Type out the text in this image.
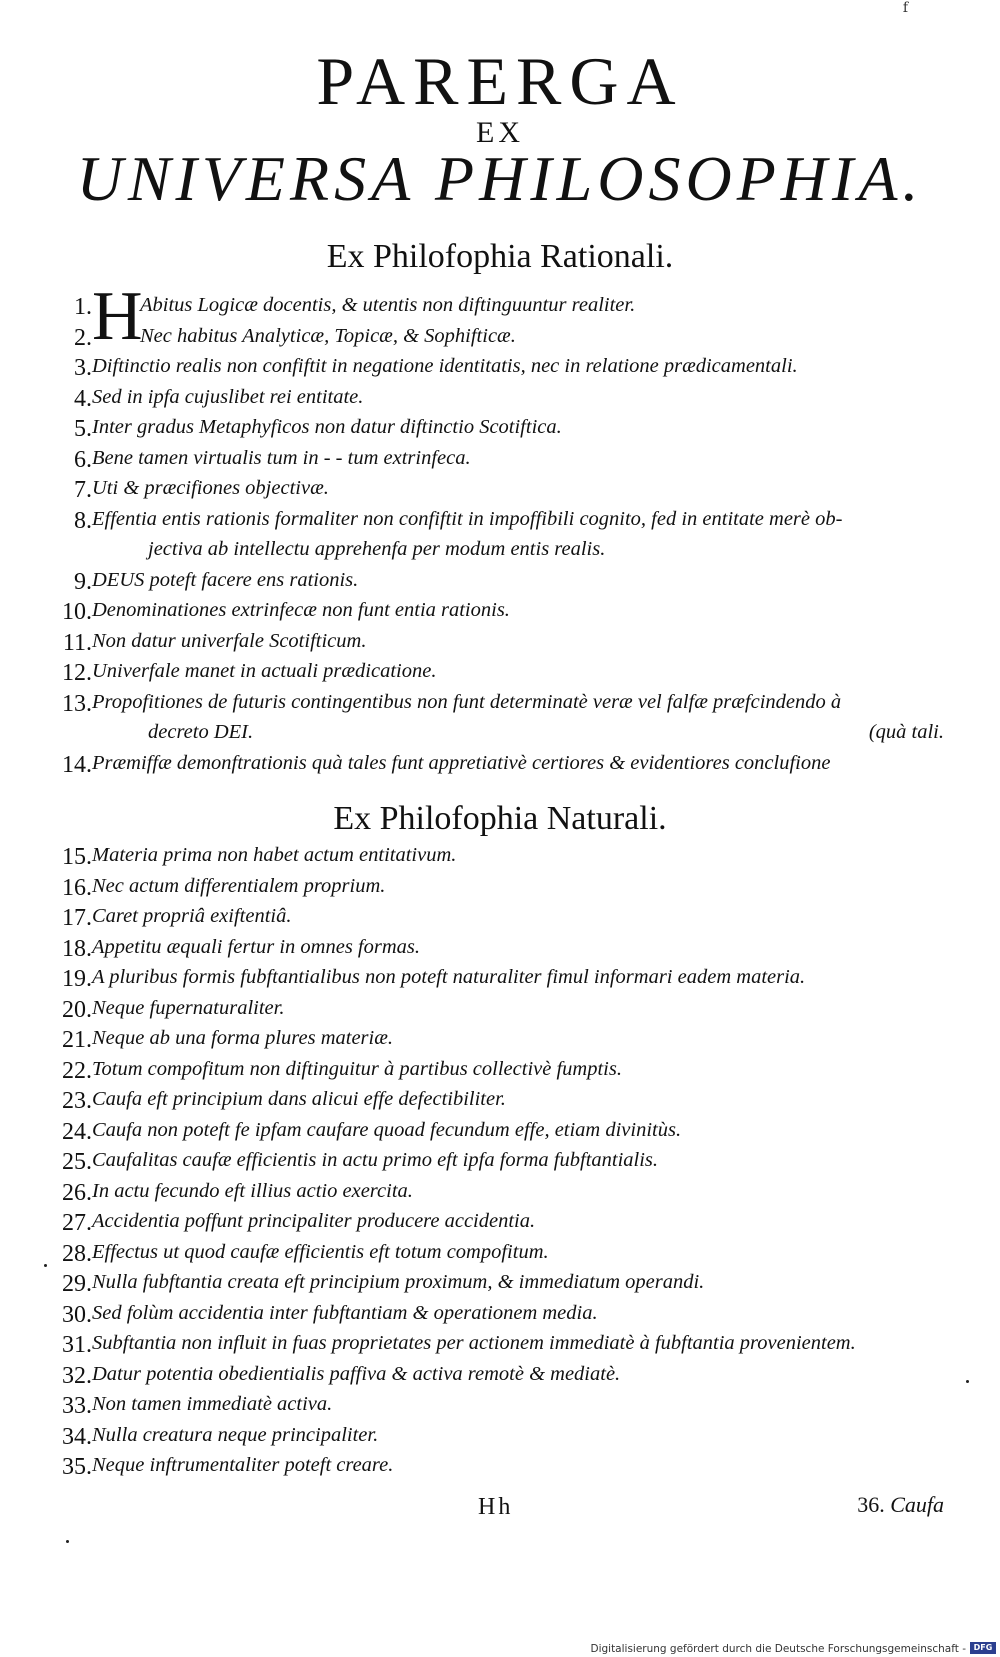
f
PARERGA
EX
UNIVERSA PHILOSOPHIA.
Ex Philofophia Rationali.
H
1. Abitus Logicæ docentis, & utentis non diftinguuntur realiter.
2. Nec habitus Analyticæ, Topicæ, & Sophifticæ.
3. Diftinctio realis non confiftit in negatione identitatis, nec in relatione prædicamentali.
4. Sed in ipfa cujuslibet rei entitate.
5. Inter gradus Metaphyficos non datur diftinctio Scotiftica.
6. Bene tamen virtualis tum in - - tum extrinfeca.
7. Uti & præcifiones objectivæ.
8. Effentia entis rationis formaliter non confiftit in impoffibili cognito, fed in entitate merè ob-

jectiva ab intellectu apprehenfa per modum entis realis.
9. DEUS poteft facere ens rationis.
10. Denominationes extrinfecæ non funt entia rationis.
11. Non datur univerfale Scotifticum.
12. Univerfale manet in actuali prædicatione.
13. Propofitiones de futuris contingentibus non funt determinatè veræ vel falfæ præfcindendo à

decreto DEI.	(quà tali.
14. Præmiffæ demonftrationis quà tales funt appretiativè certiores & evidentiores conclufione
Ex Philofophia Naturali.
15. Materia prima non habet actum entitativum.
16. Nec actum differentialem proprium.
17. Caret propriâ exiftentiâ.
18. Appetitu æquali fertur in omnes formas.
19. A pluribus formis fubftantialibus non poteft naturaliter fimul informari eadem materia.
20. Neque fupernaturaliter.
21. Neque ab una forma plures materiæ.
22. Totum compofitum non diftinguitur à partibus collectivè fumptis.
23. Caufa eft principium dans alicui effe defectibiliter.
24. Caufa non poteft fe ipfam caufare quoad fecundum effe, etiam divinitùs.
25. Caufalitas caufæ efficientis in actu primo eft ipfa forma fubftantialis.
26. In actu fecundo eft illius actio exercita.
27. Accidentia poffunt principaliter producere accidentia.
28. Effectus ut quod caufæ efficientis eft totum compofitum.
29. Nulla fubftantia creata eft principium proximum, & immediatum operandi.
30. Sed folùm accidentia inter fubftantiam & operationem media.
31. Subftantia non influit in fuas proprietates per actionem immediatè à fubftantia provenientem.
32. Datur potentia obedientialis paffiva & activa remotè & mediatè.
33. Non tamen immediatè activa.
34. Nulla creatura neque principaliter.
35. Neque inftrumentaliter poteft creare.
Hh	36. Caufa
Digitalisierung gefördert durch die Deutsche Forschungsgemeinschaft - DFG
